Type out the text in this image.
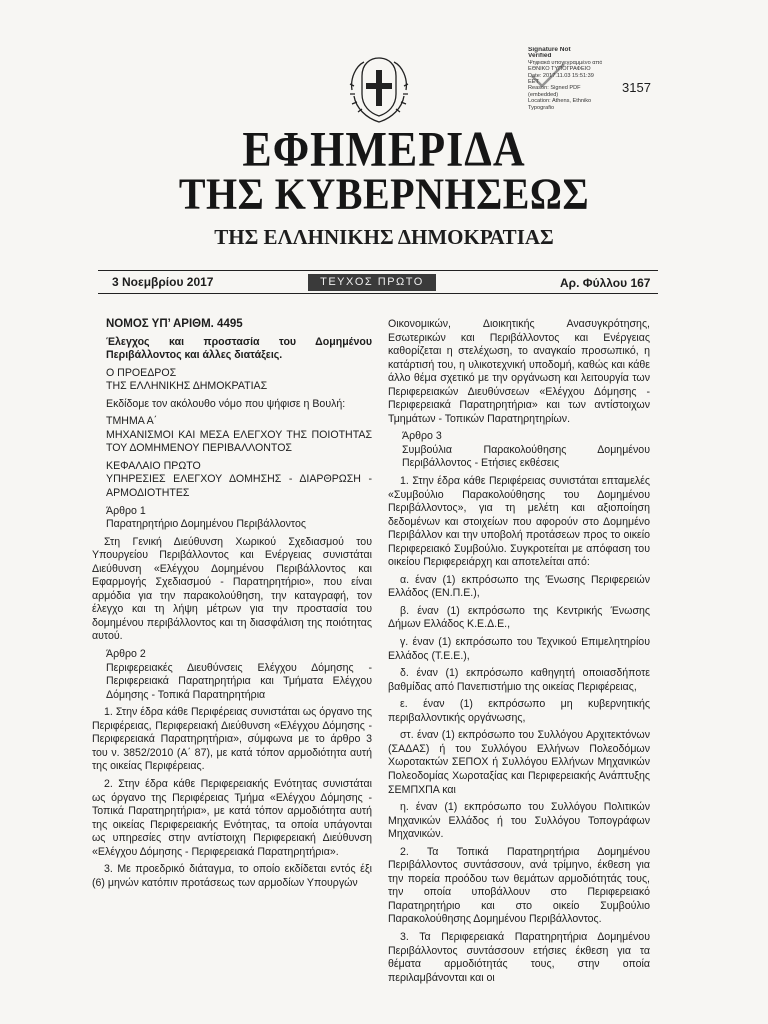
Signature Not
Verified
Ψηφιακά υπογεγραμμένο από
ΕΘΝΙΚΟ ΤΥΠΟΓΡΑΦΕΙΟ
Date: 2017.11.03 15:51:39
EET
Reason: Signed PDF
(embedded)
Location: Athens, Ethniko
Typografio
3157
ΕΦΗΜΕΡΙΔΑ
ΤΗΣ ΚΥΒΕΡΝΗΣΕΩΣ
ΤΗΣ ΕΛΛΗΝΙΚΗΣ ΔΗΜΟΚΡΑΤΙΑΣ
3 Νοεμβρίου 2017	ΤΕΥΧΟΣ ΠΡΩΤΟ	Αρ. Φύλλου 167

ΝΟΜΟΣ ΥΠ’ ΑΡΙΘΜ. 4495

Έλεγχος και προστασία του Δομημένου Περιβάλλοντος και άλλες διατάξεις.

Ο ΠΡΟΕΔΡΟΣ
ΤΗΣ ΕΛΛΗΝΙΚΗΣ ΔΗΜΟΚΡΑΤΙΑΣ

Εκδίδομε τον ακόλουθο νόμο που ψήφισε η Βουλή:

ΤΜΗΜΑ Α΄
ΜΗΧΑΝΙΣΜΟΙ ΚΑΙ ΜΕΣΑ ΕΛΕΓΧΟΥ ΤΗΣ ΠΟΙΟΤΗΤΑΣ ΤΟΥ ΔΟΜΗΜΕΝΟΥ ΠΕΡΙΒΑΛΛΟΝΤΟΣ

ΚΕΦΑΛΑΙΟ ΠΡΩΤΟ
ΥΠΗΡΕΣΙΕΣ ΕΛΕΓΧΟΥ ΔΟΜΗΣΗΣ - ΔΙΑΡΘΡΩΣΗ - ΑΡΜΟΔΙΟΤΗΤΕΣ

Άρθρο 1
Παρατηρητήριο Δομημένου Περιβάλλοντος

Στη Γενική Διεύθυνση Χωρικού Σχεδιασμού του Υπουργείου Περιβάλλοντος και Ενέργειας συνιστάται Διεύθυνση «Ελέγχου Δομημένου Περιβάλλοντος και Εφαρμογής Σχεδιασμού - Παρατηρητήριο», που είναι αρμόδια για την παρακολούθηση, την καταγραφή, τον έλεγχο και τη λήψη μέτρων για την προστασία του δομημένου περιβάλλοντος και τη διασφάλιση της ποιότητας αυτού.

Άρθρο 2
Περιφερειακές Διευθύνσεις Ελέγχου Δόμησης - Περιφερειακά Παρατηρητήρια και Τμήματα Ελέγχου Δόμησης - Τοπικά Παρατηρητήρια

1. Στην έδρα κάθε Περιφέρειας συνιστάται ως όργανο της Περιφέρειας, Περιφερειακή Διεύθυνση «Ελέγχου Δόμησης - Περιφερειακά Παρατηρητήρια», σύμφωνα με το άρθρο 3 του ν. 3852/2010 (Α΄ 87), με κατά τόπον αρμοδιότητα αυτή της οικείας Περιφέρειας.

2. Στην έδρα κάθε Περιφερειακής Ενότητας συνιστάται ως όργανο της Περιφέρειας Τμήμα «Ελέγχου Δόμησης - Τοπικά Παρατηρητήρια», με κατά τόπον αρμοδιότητα αυτή της οικείας Περιφερειακής Ενότητας, τα οποία υπάγονται ως υπηρεσίες στην αντίστοιχη Περιφερειακή Διεύθυνση «Ελέγχου Δόμησης - Περιφερειακά Παρατηρητήρια».

3. Με προεδρικό διάταγμα, το οποίο εκδίδεται εντός έξι (6) μηνών κατόπιν προτάσεως των αρμοδίων Υπουργών

Οικονομικών, Διοικητικής Ανασυγκρότησης, Εσωτερικών και Περιβάλλοντος και Ενέργειας καθορίζεται η στελέχωση, το αναγκαίο προσωπικό, η κατάρτισή του, η υλικοτεχνική υποδομή, καθώς και κάθε άλλο θέμα σχετικό με την οργάνωση και λειτουργία των Περιφερειακών Διευθύνσεων «Ελέγχου Δόμησης - Περιφερειακά Παρατηρητήρια» και των αντίστοιχων Τμημάτων - Τοπικών Παρατηρητηρίων.

Άρθρο 3
Συμβούλια Παρακολούθησης Δομημένου Περιβάλλοντος - Ετήσιες εκθέσεις

1. Στην έδρα κάθε Περιφέρειας συνιστάται επταμελές «Συμβούλιο Παρακολούθησης του Δομημένου Περιβάλλοντος», για τη μελέτη και αξιοποίηση δεδομένων και στοιχείων που αφορούν στο Δομημένο Περιβάλλον και την υποβολή προτάσεων προς το οικείο Περιφερειακό Συμβούλιο. Συγκροτείται με απόφαση του οικείου Περιφερειάρχη και αποτελείται από:

α. έναν (1) εκπρόσωπο της Ένωσης Περιφερειών Ελλάδος (ΕΝ.Π.Ε.),

β. έναν (1) εκπρόσωπο της Κεντρικής Ένωσης Δήμων Ελλάδος Κ.Ε.Δ.Ε.,

γ. έναν (1) εκπρόσωπο του Τεχνικού Επιμελητηρίου Ελλάδος (Τ.Ε.Ε.),

δ. έναν (1) εκπρόσωπο καθηγητή οποιασδήποτε βαθμίδας από Πανεπιστήμιο της οικείας Περιφέρειας,

ε. έναν (1) εκπρόσωπο μη κυβερνητικής περιβαλλοντικής οργάνωσης,

στ. έναν (1) εκπρόσωπο του Συλλόγου Αρχιτεκτόνων (ΣΑΔΑΣ) ή του Συλλόγου Ελλήνων Πολεοδόμων Χωροτακτών ΣΕΠΟΧ ή Συλλόγου Ελλήνων Μηχανικών Πολεοδομίας Χωροταξίας και Περιφερειακής Ανάπτυξης ΣΕΜΠΧΠΑ και

η. έναν (1) εκπρόσωπο του Συλλόγου Πολιτικών Μηχανικών Ελλάδος ή του Συλλόγου Τοπογράφων Μηχανικών.

2. Τα Τοπικά Παρατηρητήρια Δομημένου Περιβάλλοντος συντάσσουν, ανά τρίμηνο, έκθεση για την πορεία προόδου των θεμάτων αρμοδιότητάς τους, την οποία υποβάλλουν στο Περιφερειακό Παρατηρητήριο και στο οικείο Συμβούλιο Παρακολούθησης Δομημένου Περιβάλλοντος.

3. Τα Περιφερειακά Παρατηρητήρια Δομημένου Περιβάλλοντος συντάσσουν ετήσιες έκθεση για τα θέματα αρμοδιότητάς τους, στην οποία περιλαμβάνονται και οι
